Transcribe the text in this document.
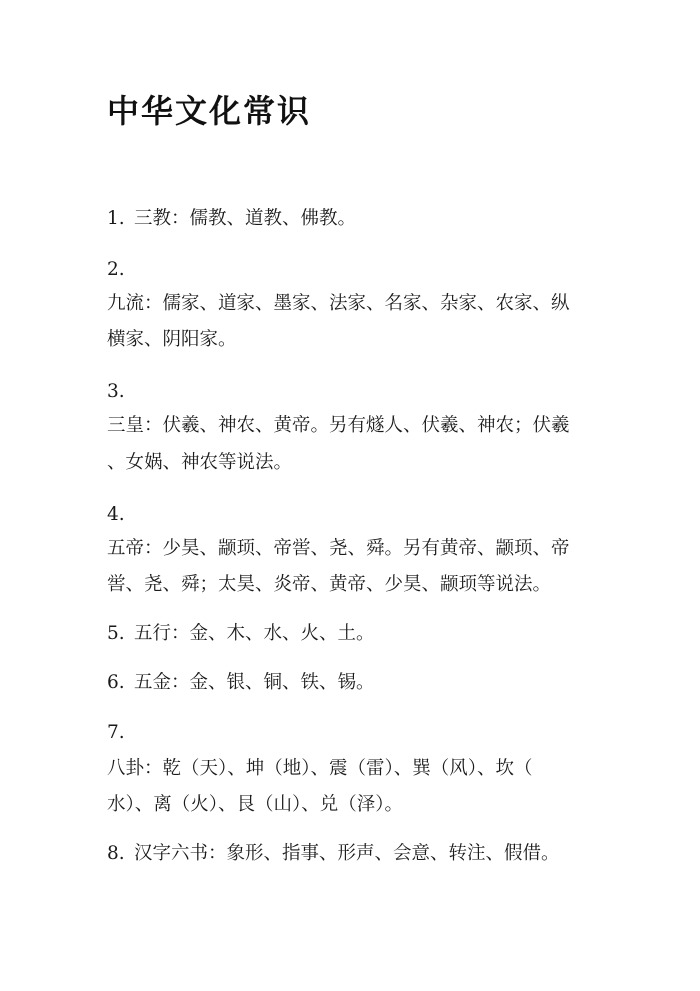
中华文化常识
1. 三教：儒教、道教、佛教。
2.
九流：儒家、道家、墨家、法家、名家、杂家、农家、纵
横家、阴阳家。
3.
三皇：伏羲、神农、黄帝。另有燧人、伏羲、神农；伏羲
、女娲、神农等说法。
4.
五帝：少昊、颛顼、帝喾、尧、舜。另有黄帝、颛顼、帝
喾、尧、舜；太昊、炎帝、黄帝、少昊、颛顼等说法。
5. 五行：金、木、水、火、土。
6. 五金：金、银、铜、铁、锡。
7.
八卦：乾（天）、坤（地）、震（雷）、巽（风）、坎（
水）、离（火）、艮（山）、兑（泽）。
8. 汉字六书：象形、指事、形声、会意、转注、假借。
